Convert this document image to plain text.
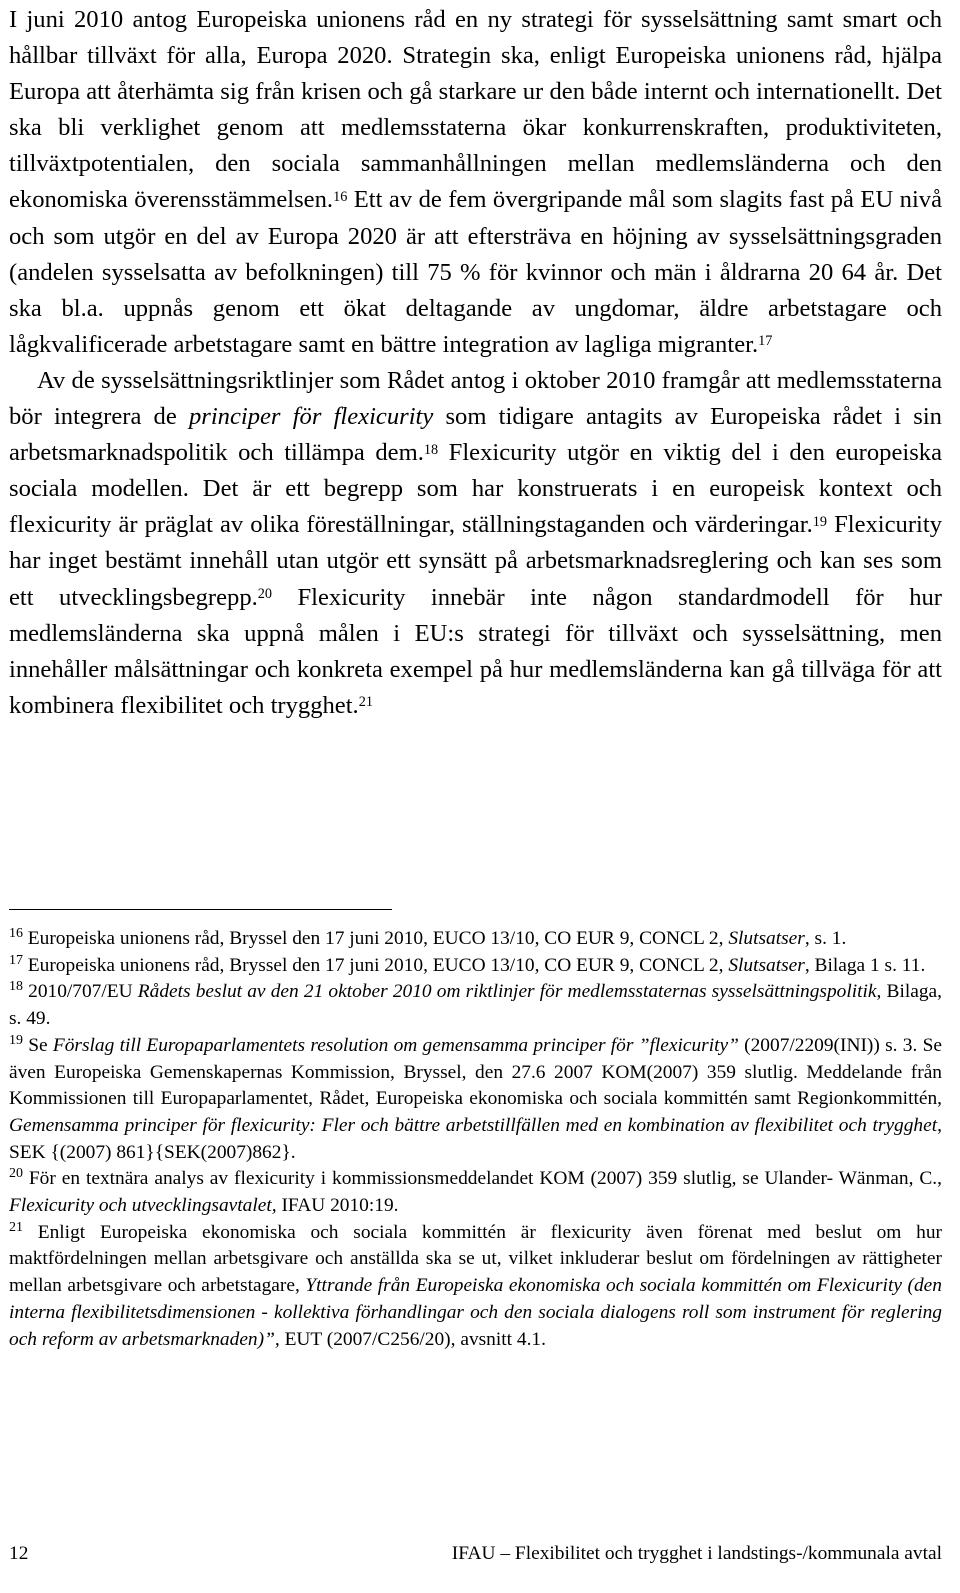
I juni 2010 antog Europeiska unionens råd en ny strategi för sysselsättning samt smart och hållbar tillväxt för alla, Europa 2020. Strategin ska, enligt Europeiska unionens råd, hjälpa Europa att återhämta sig från krisen och gå starkare ur den både internt och internationellt. Det ska bli verklighet genom att medlemsstaterna ökar konkurrenskraften, produktiviteten, tillväxtpotentialen, den sociala sammanhållningen mellan medlemsländerna och den ekonomiska överensstämmelsen.$^{16}$ Ett av de fem övergripande mål som slagits fast på EU nivå och som utgör en del av Europa 2020 är att eftersträva en höjning av sysselsättningsgraden (andelen sysselsatta av befolkningen) till 75 % för kvinnor och män i åldrarna 20 64 år. Det ska bl.a. uppnås genom ett ökat deltagande av ungdomar, äldre arbetstagare och lågkvalificerade arbetstagare samt en bättre integration av lagliga migranter.$^{17}$

Av de sysselsättningsriktlinjer som Rådet antog i oktober 2010 framgår att medlemsstaterna bör integrera de principer för flexicurity som tidigare antagits av Europeiska rådet i sin arbetsmarknadspolitik och tillämpa dem.$^{18}$ Flexicurity utgör en viktig del i den europeiska sociala modellen. Det är ett begrepp som har konstruerats i en europeisk kontext och flexicurity är präglat av olika föreställningar, ställningstaganden och värderingar.$^{19}$ Flexicurity har inget bestämt innehåll utan utgör ett synsätt på arbetsmarknadsreglering och kan ses som ett utvecklingsbegrepp.$^{20}$ Flexicurity innebär inte någon standardmodell för hur medlemsländerna ska uppnå målen i EU:s strategi för tillväxt och sysselsättning, men innehåller målsättningar och konkreta exempel på hur medlemsländerna kan gå tillväga för att kombinera flexibilitet och trygghet.$^{21}$

$^{16}$ Europeiska unionens råd, Bryssel den 17 juni 2010, EUCO 13/10, CO EUR 9, CONCL 2, Slutsatser, s. 1.

$^{17}$ Europeiska unionens råd, Bryssel den 17 juni 2010, EUCO 13/10, CO EUR 9, CONCL 2, Slutsatser, Bilaga 1 s. 11.

$^{18}$ 2010/707/EU Rådets beslut av den 21 oktober 2010 om riktlinjer för medlemsstaternas sysselsättningspolitik, Bilaga, s. 49.

$^{19}$ Se Förslag till Europaparlamentets resolution om gemensamma principer för ”flexicurity” (2007/2209(INI)) s. 3. Se även Europeiska Gemenskapernas Kommission, Bryssel, den 27.6 2007 KOM(2007) 359 slutlig. Meddelande från Kommissionen till Europaparlamentet, Rådet, Europeiska ekonomiska och sociala kommittén samt Regionkommittén, Gemensamma principer för flexicurity: Fler och bättre arbetstillfällen med en kombination av flexibilitet och trygghet, SEK {(2007) 861}{SEK(2007)862}.

$^{20}$ För en textnära analys av flexicurity i kommissionsmeddelandet KOM (2007) 359 slutlig, se Ulander- Wänman, C., Flexicurity och utvecklingsavtalet, IFAU 2010:19.

$^{21}$ Enligt Europeiska ekonomiska och sociala kommittén är flexicurity även förenat med beslut om hur maktfördelningen mellan arbetsgivare och anställda ska se ut, vilket inkluderar beslut om fördelningen av rättigheter mellan arbetsgivare och arbetstagare, Yttrande från Europeiska ekonomiska och sociala kommittén om Flexicurity (den interna flexibilitetsdimensionen - kollektiva förhandlingar och den sociala dialogens roll som instrument för reglering och reform av arbetsmarknaden)”, EUT (2007/C256/20), avsnitt 4.1.

12	IFAU – Flexibilitet och trygghet i landstings-/kommunala avtal
